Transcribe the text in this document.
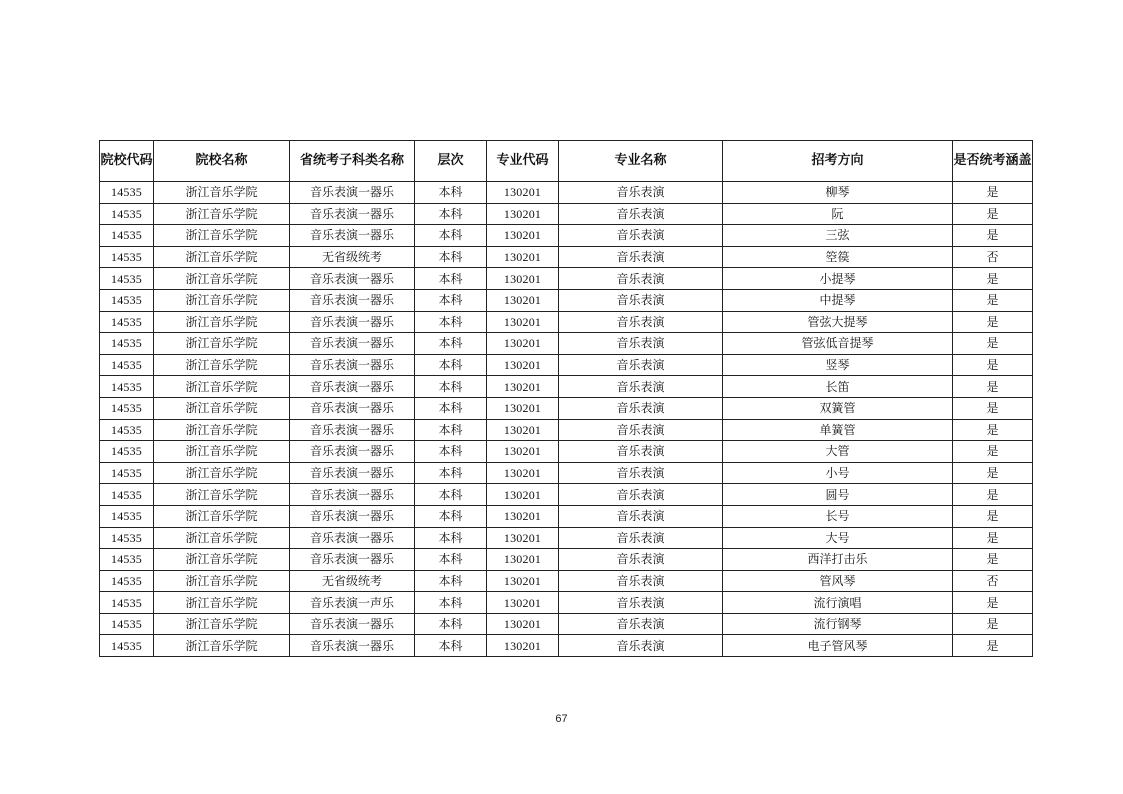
院校代码	院校名称	省统考子科类名称	层次	专业代码	专业名称	招考方向	是否统考涵盖
14535	浙江音乐学院	音乐表演一器乐	本科	130201	音乐表演	柳琴	是
14535	浙江音乐学院	音乐表演一器乐	本科	130201	音乐表演	阮	是
14535	浙江音乐学院	音乐表演一器乐	本科	130201	音乐表演	三弦	是
14535	浙江音乐学院	无省级统考	本科	130201	音乐表演	箜篌	否
14535	浙江音乐学院	音乐表演一器乐	本科	130201	音乐表演	小提琴	是
14535	浙江音乐学院	音乐表演一器乐	本科	130201	音乐表演	中提琴	是
14535	浙江音乐学院	音乐表演一器乐	本科	130201	音乐表演	管弦大提琴	是
14535	浙江音乐学院	音乐表演一器乐	本科	130201	音乐表演	管弦低音提琴	是
14535	浙江音乐学院	音乐表演一器乐	本科	130201	音乐表演	竖琴	是
14535	浙江音乐学院	音乐表演一器乐	本科	130201	音乐表演	长笛	是
14535	浙江音乐学院	音乐表演一器乐	本科	130201	音乐表演	双簧管	是
14535	浙江音乐学院	音乐表演一器乐	本科	130201	音乐表演	单簧管	是
14535	浙江音乐学院	音乐表演一器乐	本科	130201	音乐表演	大管	是
14535	浙江音乐学院	音乐表演一器乐	本科	130201	音乐表演	小号	是
14535	浙江音乐学院	音乐表演一器乐	本科	130201	音乐表演	圆号	是
14535	浙江音乐学院	音乐表演一器乐	本科	130201	音乐表演	长号	是
14535	浙江音乐学院	音乐表演一器乐	本科	130201	音乐表演	大号	是
14535	浙江音乐学院	音乐表演一器乐	本科	130201	音乐表演	西洋打击乐	是
14535	浙江音乐学院	无省级统考	本科	130201	音乐表演	管风琴	否
14535	浙江音乐学院	音乐表演一声乐	本科	130201	音乐表演	流行演唱	是
14535	浙江音乐学院	音乐表演一器乐	本科	130201	音乐表演	流行钢琴	是
14535	浙江音乐学院	音乐表演一器乐	本科	130201	音乐表演	电子管风琴	是
67
